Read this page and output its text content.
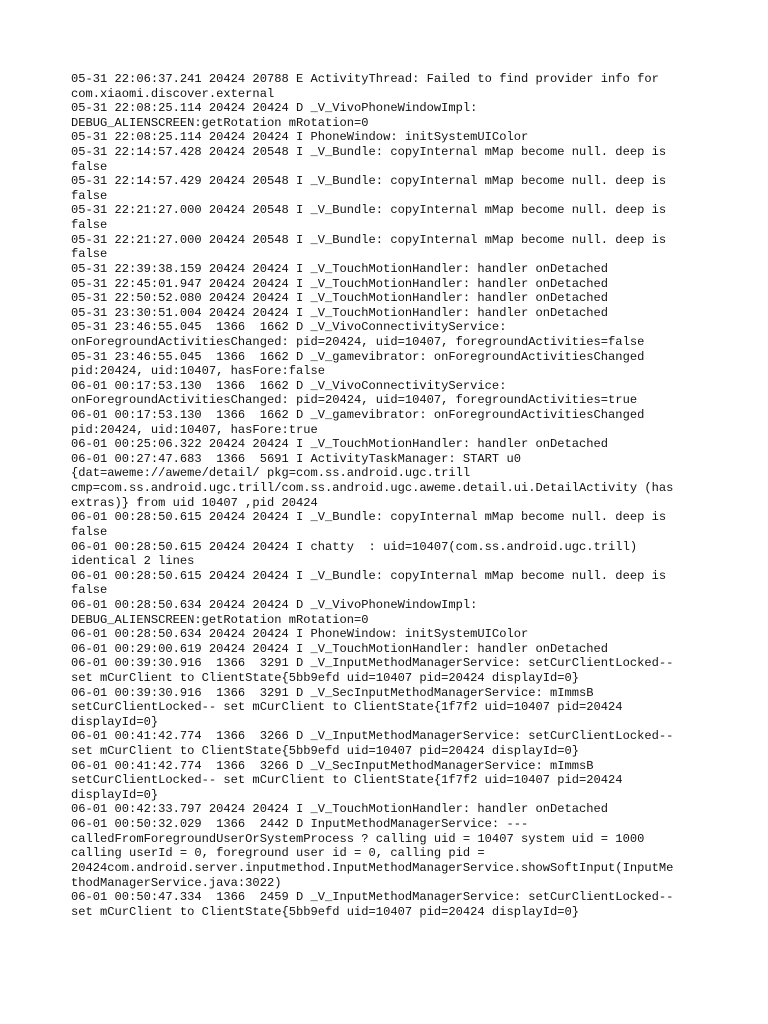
05-31 22:06:37.241 20424 20788 E ActivityThread: Failed to find provider info for
com.xiaomi.discover.external
05-31 22:08:25.114 20424 20424 D _V_VivoPhoneWindowImpl:
DEBUG_ALIENSCREEN:getRotation mRotation=0
05-31 22:08:25.114 20424 20424 I PhoneWindow: initSystemUIColor
05-31 22:14:57.428 20424 20548 I _V_Bundle: copyInternal mMap become null. deep is
false
05-31 22:14:57.429 20424 20548 I _V_Bundle: copyInternal mMap become null. deep is
false
05-31 22:21:27.000 20424 20548 I _V_Bundle: copyInternal mMap become null. deep is
false
05-31 22:21:27.000 20424 20548 I _V_Bundle: copyInternal mMap become null. deep is
false
05-31 22:39:38.159 20424 20424 I _V_TouchMotionHandler: handler onDetached
05-31 22:45:01.947 20424 20424 I _V_TouchMotionHandler: handler onDetached
05-31 22:50:52.080 20424 20424 I _V_TouchMotionHandler: handler onDetached
05-31 23:30:51.004 20424 20424 I _V_TouchMotionHandler: handler onDetached
05-31 23:46:55.045  1366  1662 D _V_VivoConnectivityService:
onForegroundActivitiesChanged: pid=20424, uid=10407, foregroundActivities=false
05-31 23:46:55.045  1366  1662 D _V_gamevibrator: onForegroundActivitiesChanged
pid:20424, uid:10407, hasFore:false
06-01 00:17:53.130  1366  1662 D _V_VivoConnectivityService:
onForegroundActivitiesChanged: pid=20424, uid=10407, foregroundActivities=true
06-01 00:17:53.130  1366  1662 D _V_gamevibrator: onForegroundActivitiesChanged
pid:20424, uid:10407, hasFore:true
06-01 00:25:06.322 20424 20424 I _V_TouchMotionHandler: handler onDetached
06-01 00:27:47.683  1366  5691 I ActivityTaskManager: START u0
{dat=aweme://aweme/detail/ pkg=com.ss.android.ugc.trill
cmp=com.ss.android.ugc.trill/com.ss.android.ugc.aweme.detail.ui.DetailActivity (has
extras)} from uid 10407 ,pid 20424
06-01 00:28:50.615 20424 20424 I _V_Bundle: copyInternal mMap become null. deep is
false
06-01 00:28:50.615 20424 20424 I chatty  : uid=10407(com.ss.android.ugc.trill)
identical 2 lines
06-01 00:28:50.615 20424 20424 I _V_Bundle: copyInternal mMap become null. deep is
false
06-01 00:28:50.634 20424 20424 D _V_VivoPhoneWindowImpl:
DEBUG_ALIENSCREEN:getRotation mRotation=0
06-01 00:28:50.634 20424 20424 I PhoneWindow: initSystemUIColor
06-01 00:29:00.619 20424 20424 I _V_TouchMotionHandler: handler onDetached
06-01 00:39:30.916  1366  3291 D _V_InputMethodManagerService: setCurClientLocked--
set mCurClient to ClientState{5bb9efd uid=10407 pid=20424 displayId=0}
06-01 00:39:30.916  1366  3291 D _V_SecInputMethodManagerService: mImmsB
setCurClientLocked-- set mCurClient to ClientState{1f7f2 uid=10407 pid=20424
displayId=0}
06-01 00:41:42.774  1366  3266 D _V_InputMethodManagerService: setCurClientLocked--
set mCurClient to ClientState{5bb9efd uid=10407 pid=20424 displayId=0}
06-01 00:41:42.774  1366  3266 D _V_SecInputMethodManagerService: mImmsB
setCurClientLocked-- set mCurClient to ClientState{1f7f2 uid=10407 pid=20424
displayId=0}
06-01 00:42:33.797 20424 20424 I _V_TouchMotionHandler: handler onDetached
06-01 00:50:32.029  1366  2442 D InputMethodManagerService: ---
calledFromForegroundUserOrSystemProcess ? calling uid = 10407 system uid = 1000
calling userId = 0, foreground user id = 0, calling pid =
20424com.android.server.inputmethod.InputMethodManagerService.showSoftInput(InputMe
thodManagerService.java:3022)
06-01 00:50:47.334  1366  2459 D _V_InputMethodManagerService: setCurClientLocked--
set mCurClient to ClientState{5bb9efd uid=10407 pid=20424 displayId=0}
